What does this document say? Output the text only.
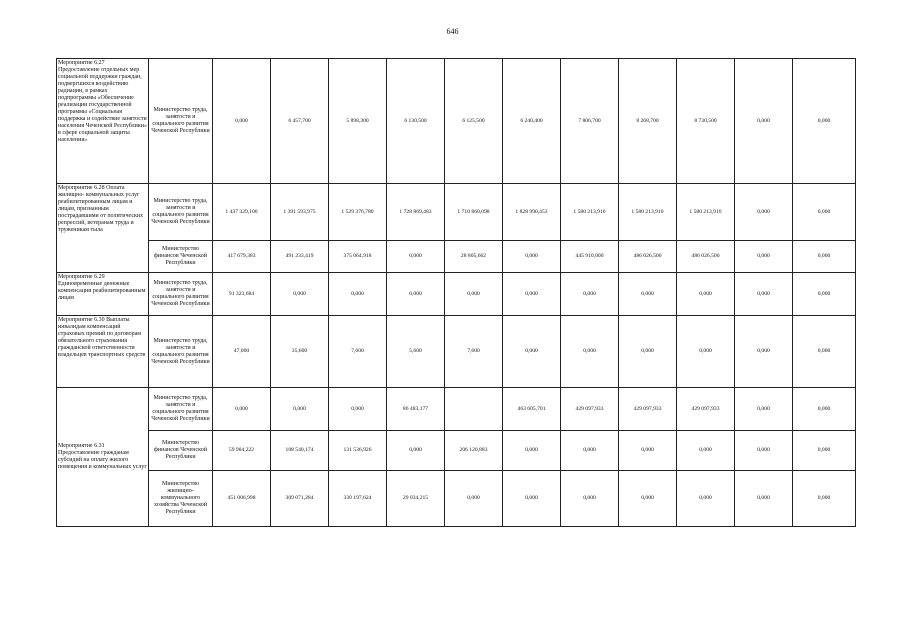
646
Мероприятие 6.27 Предоставление отдельных мер социальной поддержки граждан, подвергшихся воздействию радиации, в рамках подпрограммы «Обеспечение реализации государственной программы «Социальная поддержка и содействие занятости населения Чеченской Республики» в сфере социальной защиты населения»	Министерство труда, занятости и социального развития Чеченской Республики	0,000	6 457,700	5 898,300	6 130,500	6 125,500	6 240,400	7 806,700	8 268,700	8 730,500	0,000	0,000
Мероприятие 6.28 Оплата жилищно- коммунальных услуг реабилитированным лицам и лицам, признанным пострадавшими от политических репрессий, ветеранам труда и труженикам тыла	Министерство труда, занятости и социального развития Чеченской Республики	1 437 329,100	1 391 593,975	1 529 376,780	1 728 869,483	1 710 860,098	1 828 990,453	1 580 213,910	1 580 213,910	1 580 213,910	0,000	0,000
	Министерство финансов Чеченской Республики	417 679,383	491 233,419	375 064,918	0,000	28 805,662	0,000	445 910,000	486 026,500	486 026,500	0,000	0,000
Мероприятие 6.29 Единовременные денежные компенсации реабилитированным лицам	Министерство труда, занятости и социального развития Чеченской Республики	91 323,684	0,000	0,000	0,000	0,000	0,000	0,000	0,000	0,000	0,000	0,000
Мероприятие 6.30 Выплаты инвалидам компенсаций страховых премий по договорам обязательного страхования гражданской ответственности владельцев транспортных средств	Министерство труда, занятости и социального развития Чеченской Республики	47,000	35,600	7,600	5,600	7,600	0,000	0,000	0,000	0,000	0,000	0,000
Мероприятие 6.31 Предоставление гражданам субсидий на оплату жилого помещения и коммунальных услуг	Министерство труда, занятости и социального развития Чеченской Республики	0,000	0,000	0,000	86 483,177		463 605,701	429 097,933	429 097,933	429 097,933	0,000	0,000
	Министерство финансов Чеченской Республики	59 984,222	108 540,174	131 536,926	0,000	206 120,883	0,000	0,000	0,000	0,000	0,000	0,000
	Министерство жилищно- коммунального хозяйства Чеченской Республики	451 006,998	309 071,284	330 197,624	29 034,215	0,000	0,000	0,000	0,000	0,000	0,000	0,000
